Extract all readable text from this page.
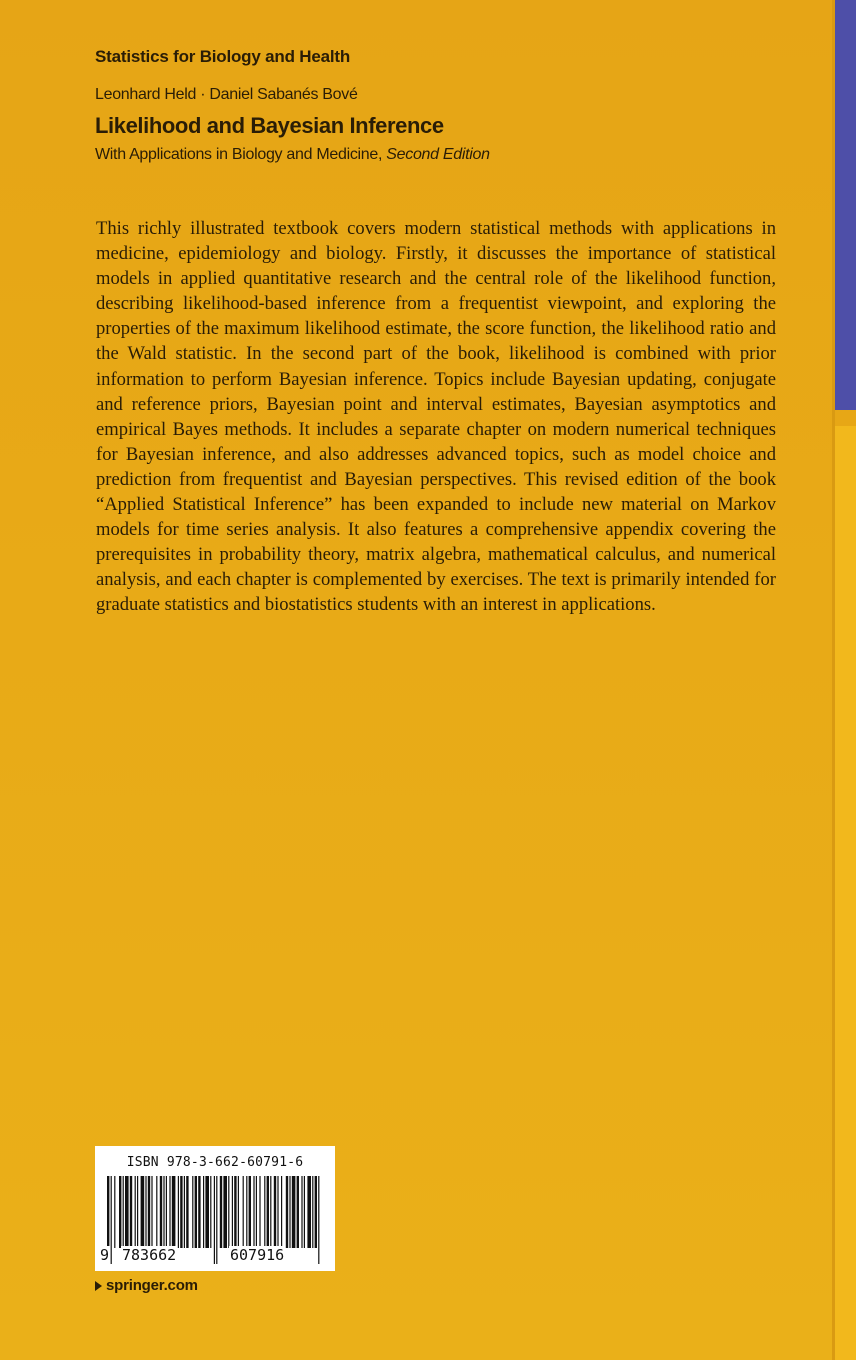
Statistics for Biology and Health

Leonhard Held · Daniel Sabanés Bové

Likelihood and Bayesian Inference

With Applications in Biology and Medicine, Second Edition

This richly illustrated textbook covers modern statistical methods with applications in medicine, epidemiology and biology. Firstly, it discusses the importance of statistical models in applied quantitative research and the central role of the likelihood function, describing likelihood-based inference from a frequentist viewpoint, and exploring the properties of the maximum likelihood estimate, the score function, the likelihood ratio and the Wald statistic. In the second part of the book, likelihood is combined with prior information to perform Bayesian inference. Topics include Bayesian updating, conjugate and reference priors, Bayesian point and interval estimates, Bayesian asymptotics and empirical Bayes methods. It includes a separate chapter on modern numerical techniques for Bayesian inference, and also addresses advanced topics, such as model choice and prediction from frequentist and Bayesian perspectives. This revised edition of the book “Applied Statistical Inference” has been expanded to include new material on Markov models for time series analysis. It also features a comprehensive appendix covering the prerequisites in probability theory, matrix algebra, mathematical calculus, and numerical analysis, and each chapter is complemented by exercises. The text is primarily intended for graduate statistics and biostatistics students with an interest in applications.

ISBN 978-3-662-60791-6
9 783662	607916

springer.com
